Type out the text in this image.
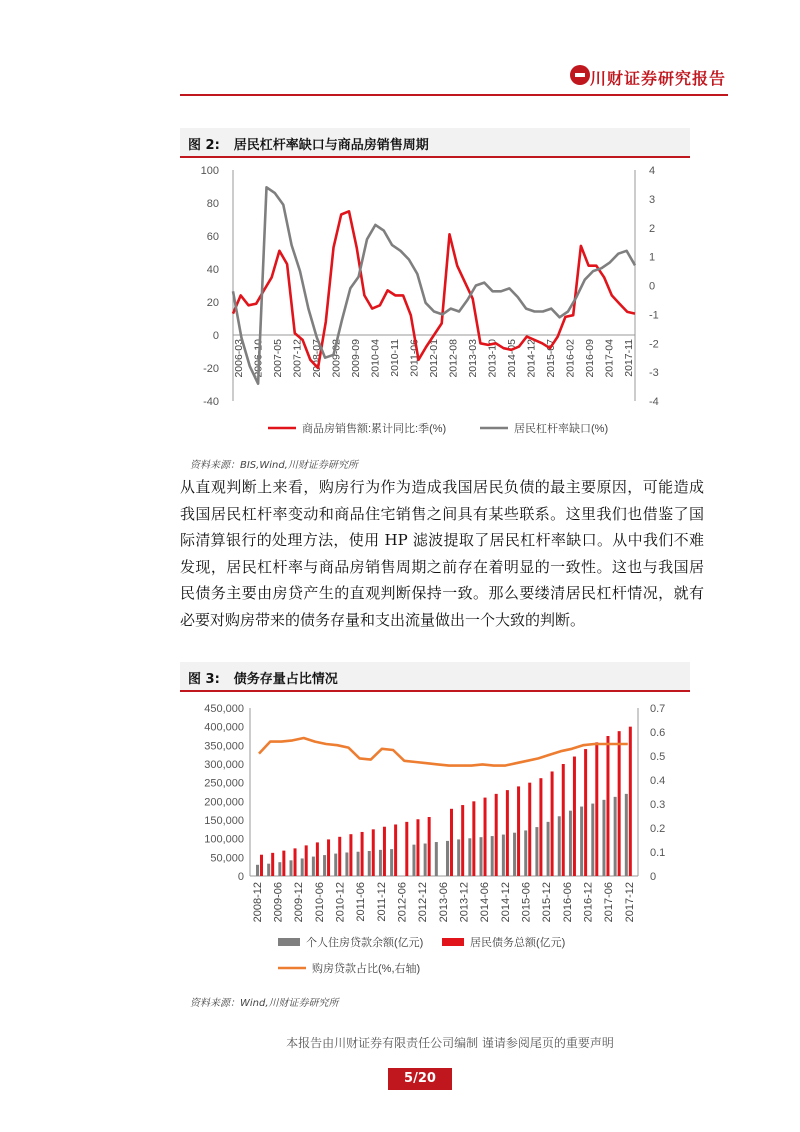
川财证券研究报告
图 2: 居民杠杆率缺口与商品房销售周期
-40
-20
0
20
40
60
80
100
-4
-3
-2
-1
0
1
2
3
4
2006-03 2006-10 2007-05 2007-12 2008-07 2009-02 2009-09 2010-04 2010-11 2011-06 2012-01 2012-08 2013-03 2013-10 2014-05 2014-12 2015-07 2016-02 2016-09 2017-04 2017-11
商品房销售额:累计同比:季(%)	居民杠杆率缺口(%)
资料来源：BIS,Wind,川财证券研究所
从直观判断上来看，购房行为作为造成我国居民负债的最主要原因，可能造成我国居民杠杆率变动和商品住宅销售之间具有某些联系。这里我们也借鉴了国际清算银行的处理方法，使用 HP 滤波提取了居民杠杆率缺口。从中我们不难发现，居民杠杆率与商品房销售周期之前存在着明显的一致性。这也与我国居民债务主要由房贷产生的直观判断保持一致。那么要缕清居民杠杆情况，就有必要对购房带来的债务存量和支出流量做出一个大致的判断。
图 3: 债务存量占比情况
0
50,000
100,000
150,000
200,000
250,000
300,000
350,000
400,000
450,000
0
0.1
0.2
0.3
0.4
0.5
0.6
0.7
2008-12 2009-06 2009-12 2010-06 2010-12 2011-06 2011-12 2012-06 2012-12 2013-06 2013-12 2014-06 2014-12 2015-06 2015-12 2016-06 2016-12 2017-06 2017-12
个人住房贷款余额(亿元)	居民债务总额(亿元)
购房贷款占比(%,右轴)
资料来源：Wind,川财证券研究所
本报告由川财证券有限责任公司编制 谨请参阅尾页的重要声明
5/20
